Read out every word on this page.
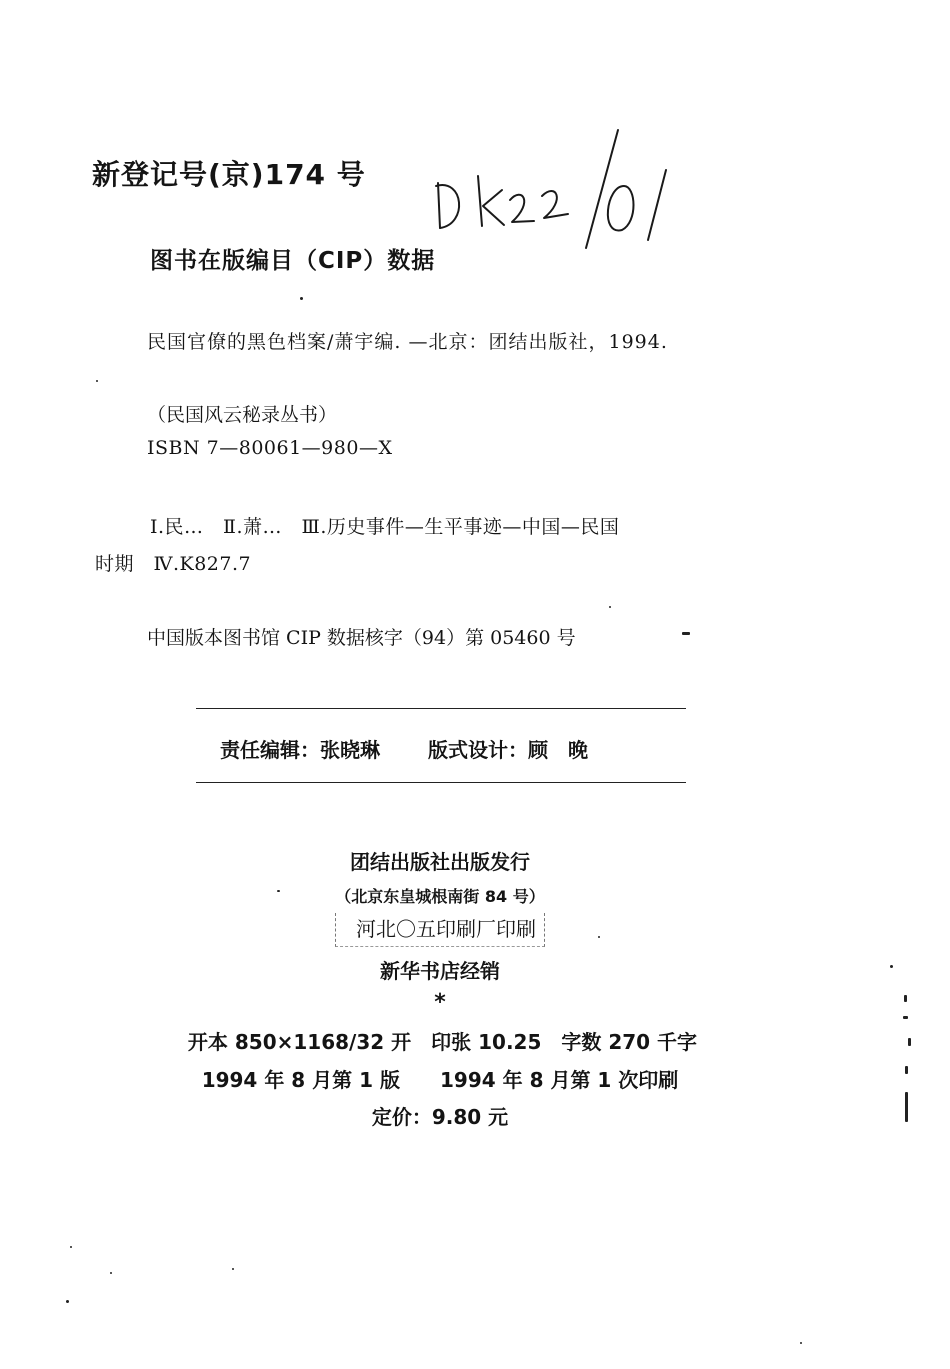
新登记号(京)174 号
图书在版编目（CIP）数据
民国官僚的黑色档案/萧宇编. —北京：团结出版社，1994.
（民国风云秘录丛书）
ISBN 7—80061—980—X
Ⅰ.民…　Ⅱ.萧…　Ⅲ.历史事件—生平事迹—中国—民国
时期　Ⅳ.K827.7
中国版本图书馆 CIP 数据核字（94）第 05460 号
责任编辑：张晓琳 版式设计：顾　晚
团结出版社出版发行
（北京东皇城根南街 84 号）
河北〇五印刷厂印刷
新华书店经销
*
开本 850×1168/32 开　印张 10.25　字数 270 千字
1994 年 8 月第 1 版　　1994 年 8 月第 1 次印刷
定价：9.80 元
